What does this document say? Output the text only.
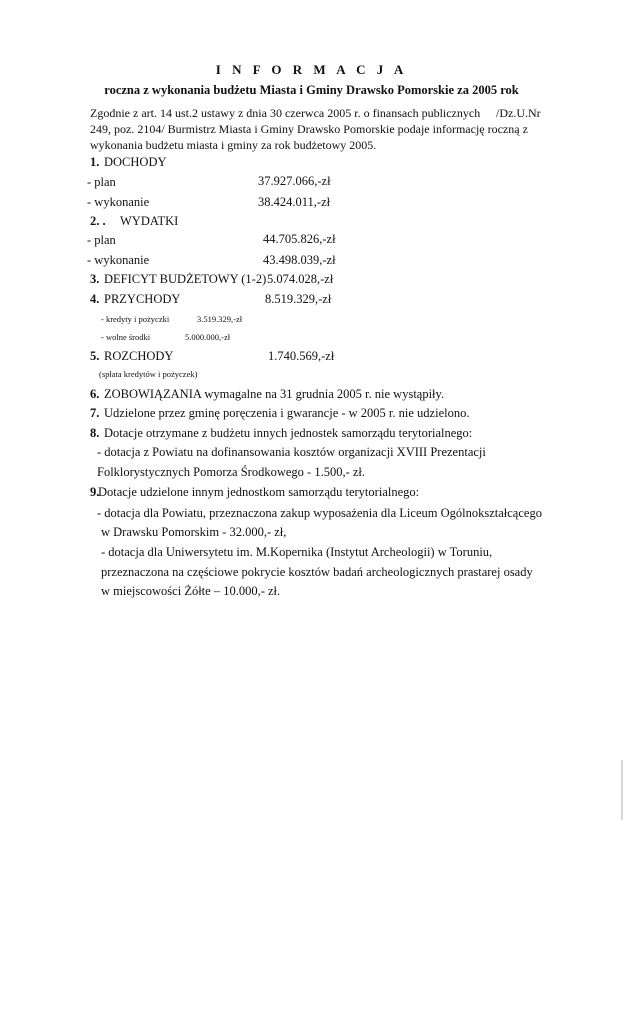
I N F O R M A C J A
roczna z wykonania budżetu Miasta i Gminy Drawsko Pomorskie za 2005 rok
Zgodnie z art. 14 ust.2 ustawy z dnia 30 czerwca 2005 r. o finansach publicznych /Dz.U.Nr
249, poz. 2104/ Burmistrz Miasta i Gminy Drawsko Pomorskie podaje informację roczną z
wykonania budżetu miasta i gminy za rok budżetowy 2005.
1. DOCHODY
- plan	37.927.066,-zł
- wykonanie	38.424.011,-zł
2. . WYDATKI
- plan	44.705.826,-zł
- wykonanie	43.498.039,-zł
3. DEFICYT BUDŻETOWY (1-2) 5.074.028,-zł
4. PRZYCHODY	8.519.329,-zł
- kredyty i pożyczki	3.519.329,-zł
- wolne środki	5.000.000,-zł
5. ROZCHODY	1.740.569,-zł
(spłata kredytów i pożyczek)
6. ZOBOWIĄZANIA wymagalne na 31 grudnia 2005 r. nie wystąpiły.
7. Udzielone przez gminę poręczenia i gwarancje - w 2005 r. nie udzielono.
8. Dotacje otrzymane z budżetu innych jednostek samorządu terytorialnego:
- dotacja z Powiatu na dofinansowania kosztów organizacji XVIII Prezentacji
Folklorystycznych Pomorza Środkowego - 1.500,- zł.
9.
Dotacje udzielone innym jednostkom samorządu terytorialnego:
- dotacja dla Powiatu, przeznaczona zakup wyposażenia dla Liceum Ogólnokształcącego
w Drawsku Pomorskim - 32.000,- zł,
- dotacja dla Uniwersytetu im. M.Kopernika (Instytut Archeologii) w Toruniu,
przeznaczona na częściowe pokrycie kosztów badań archeologicznych prastarej osady
w miejscowości Żółte – 10.000,- zł.
